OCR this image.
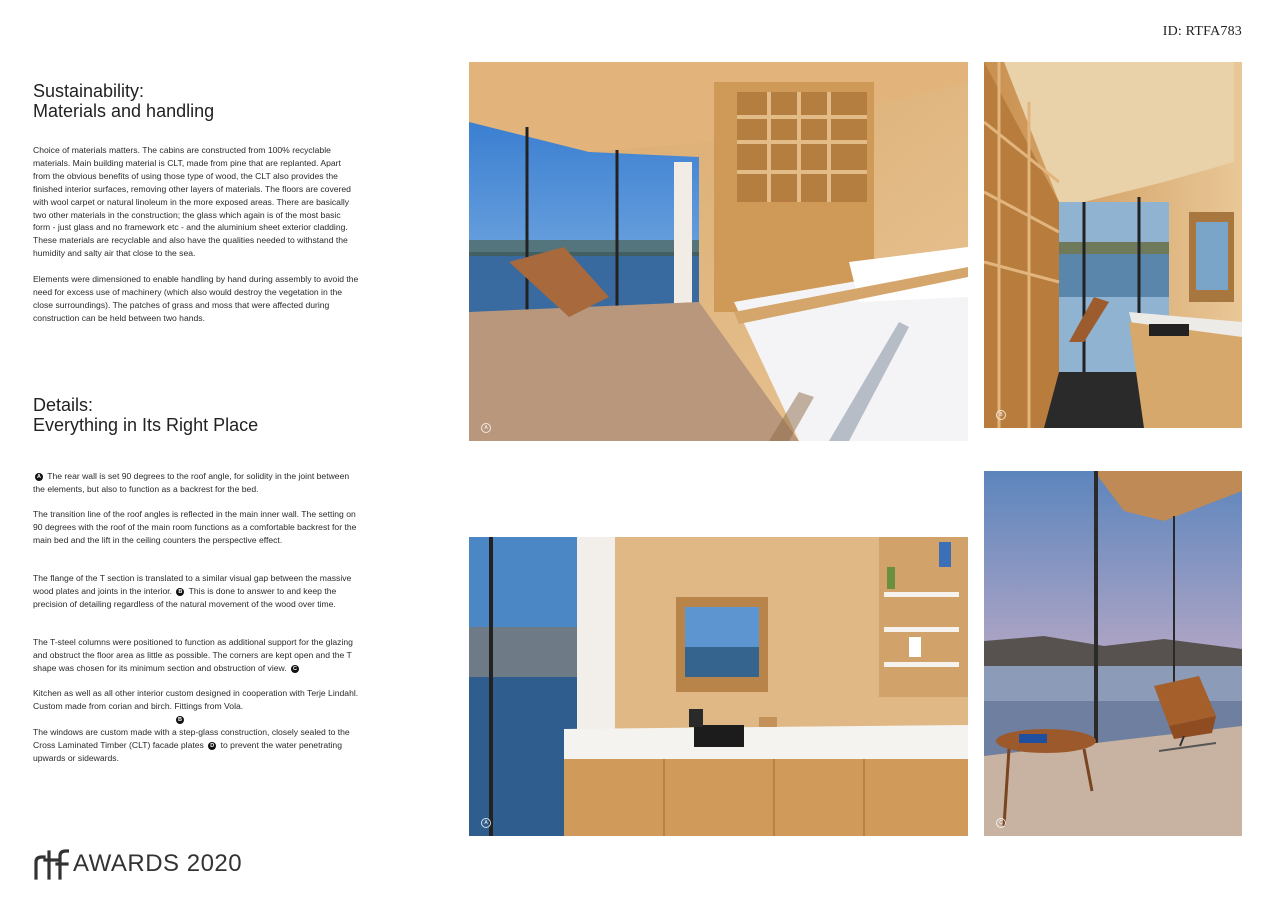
ID: RTFA783
Sustainability:
Materials and handling

Choice of materials matters. The cabins are constructed from 100% recyclable materials. Main building material is CLT, made from pine that are replanted. Apart from the obvious benefits of using those type of wood, the CLT also provides the finished interior surfaces, removing other layers of materials. The floors are covered with wool carpet or natural linoleum in the more exposed areas. There are basically two other materials in the construction; the glass which again is of the most basic form - just glass and no framework etc - and the aluminium sheet exterior cladding. These materials are recyclable and also have the qualities needed to withstand the humidity and salty air that close to the sea.

Elements were dimensioned to enable handling by hand during assembly to avoid the need for excess use of machinery (which also would destroy the vegetation in the close surroundings). The patches of grass and moss that were affected during construction can be held between two hands.

Details:
Everything in Its Right Place

A The rear wall is set 90 degrees to the roof angle, for solidity in the joint between the elements, but also to function as a backrest for the bed.

The transition line of the roof angles is reflected in the main inner wall. The setting on 90 degrees with the roof of the main room functions as a comfortable backrest for the main bed and the lift in the ceiling counters the perspective effect.

The flange of the T section is translated to a similar visual gap between the massive wood plates and joints in the interior. B This is done to answer to and keep the precision of detailing regardless of the natural movement of the wood over time.

The T-steel columns were positioned to function as additional support for the glazing and obstruct the floor area as little as possible. The corners are kept open and the T shape was chosen for its minimum section and obstruction of view. C

Kitchen as well as all other interior custom designed in cooperation with Terje Lindahl. Custom made from corian and birch. Fittings from Vola.

B

The windows are custom made with a step-glass construction, closely sealed to the Cross Laminated Timber (CLT) facade plates D to prevent the water penetrating upwards or sidewards.

A
B
A	C
AWARDS 2020
